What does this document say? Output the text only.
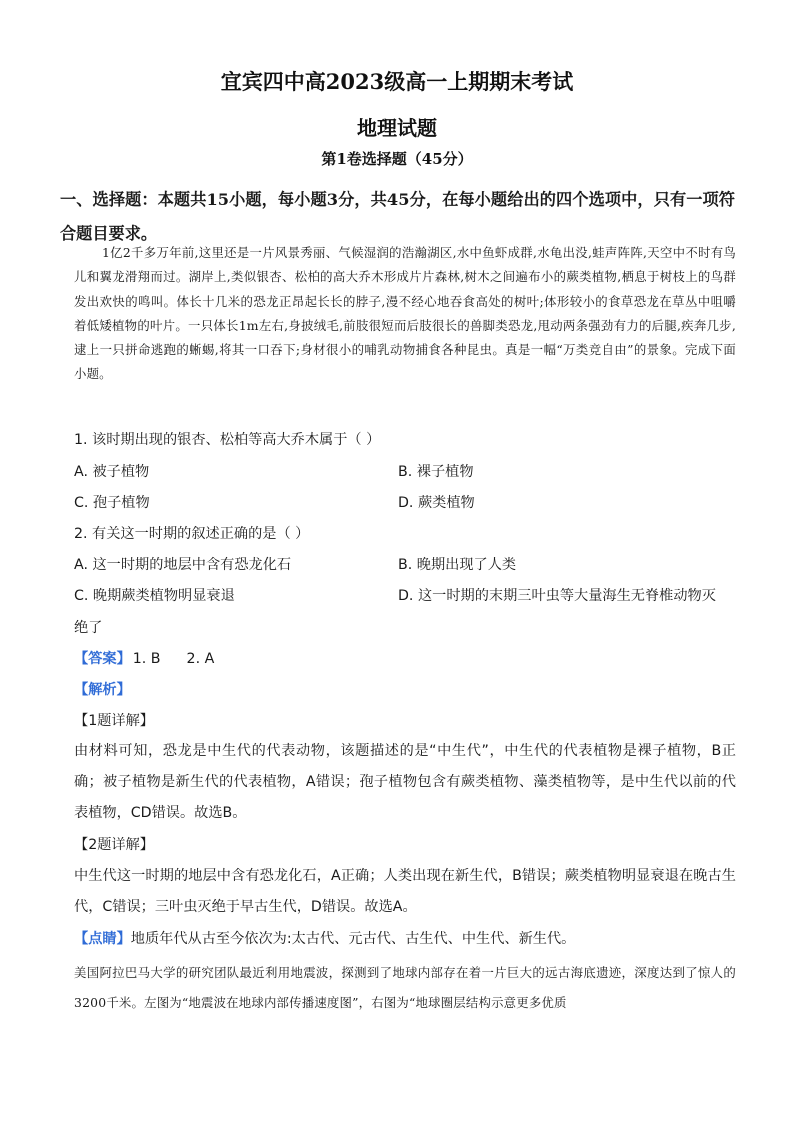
宜宾四中高2023级高一上期期末考试
地理试题
第1卷选择题（45分）
一、选择题：本题共15小题，每小题3分，共45分，在每小题给出的四个选项中，只有一项符合题目要求。
1亿2千多万年前,这里还是一片风景秀丽、气候湿润的浩瀚湖区,水中鱼虾成群,水龟出没,蛙声阵阵,天空中不时有鸟儿和翼龙滑翔而过。湖岸上,类似银杏、松柏的高大乔木形成片片森林,树木之间遍布小的蕨类植物,栖息于树枝上的鸟群发出欢快的鸣叫。体长十几米的恐龙正昂起长长的脖子,漫不经心地吞食高处的树叶;体形较小的食草恐龙在草丛中咀嚼着低矮植物的叶片。一只体长1m左右,身披绒毛,前肢很短而后肢很长的兽脚类恐龙,甩动两条强劲有力的后腿,疾奔几步,逮上一只拼命逃跑的蜥蜴,将其一口吞下;身材很小的哺乳动物捕食各种昆虫。真是一幅“万类竞自由”的景象。完成下面小题。
1. 该时期出现的银杏、松柏等高大乔木属于（ ）
A. 被子植物	B. 裸子植物
C. 孢子植物	D. 蕨类植物
2. 有关这一时期的叙述正确的是（ ）
A. 这一时期的地层中含有恐龙化石	B. 晚期出现了人类
C. 晚期蕨类植物明显衰退	D. 这一时期的末期三叶虫等大量海生无脊椎动物灭
绝了
【答案】 1. B 2. A
【解析】
【1题详解】
由材料可知，恐龙是中生代的代表动物，该题描述的是“中生代”，中生代的代表植物是裸子植物，B正确；被子植物是新生代的代表植物，A错误；孢子植物包含有蕨类植物、藻类植物等，是中生代以前的代表植物，CD错误。故选B。
【2题详解】
中生代这一时期的地层中含有恐龙化石，A正确；人类出现在新生代，B错误；蕨类植物明显衰退在晚古生代，C错误；三叶虫灭绝于早古生代，D错误。故选A。
【点睛】地质年代从古至今依次为:太古代、元古代、古生代、中生代、新生代。
美国阿拉巴马大学的研究团队最近利用地震波，探测到了地球内部存在着一片巨大的远古海底遗迹，深度达到了惊人的3200千米。左图为“地震波在地球内部传播速度图”，右图为“地球圈层结构示意更多优质
